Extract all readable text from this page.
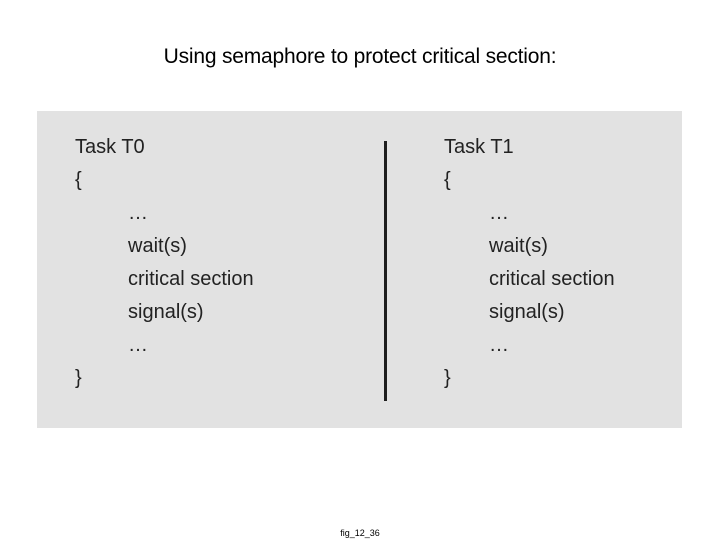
Using semaphore to protect critical section:
Task T0
{
…
wait(s)
critical section
signal(s)
…
}
Task T1
{
…
wait(s)
critical section
signal(s)
…
}
fig_12_36
